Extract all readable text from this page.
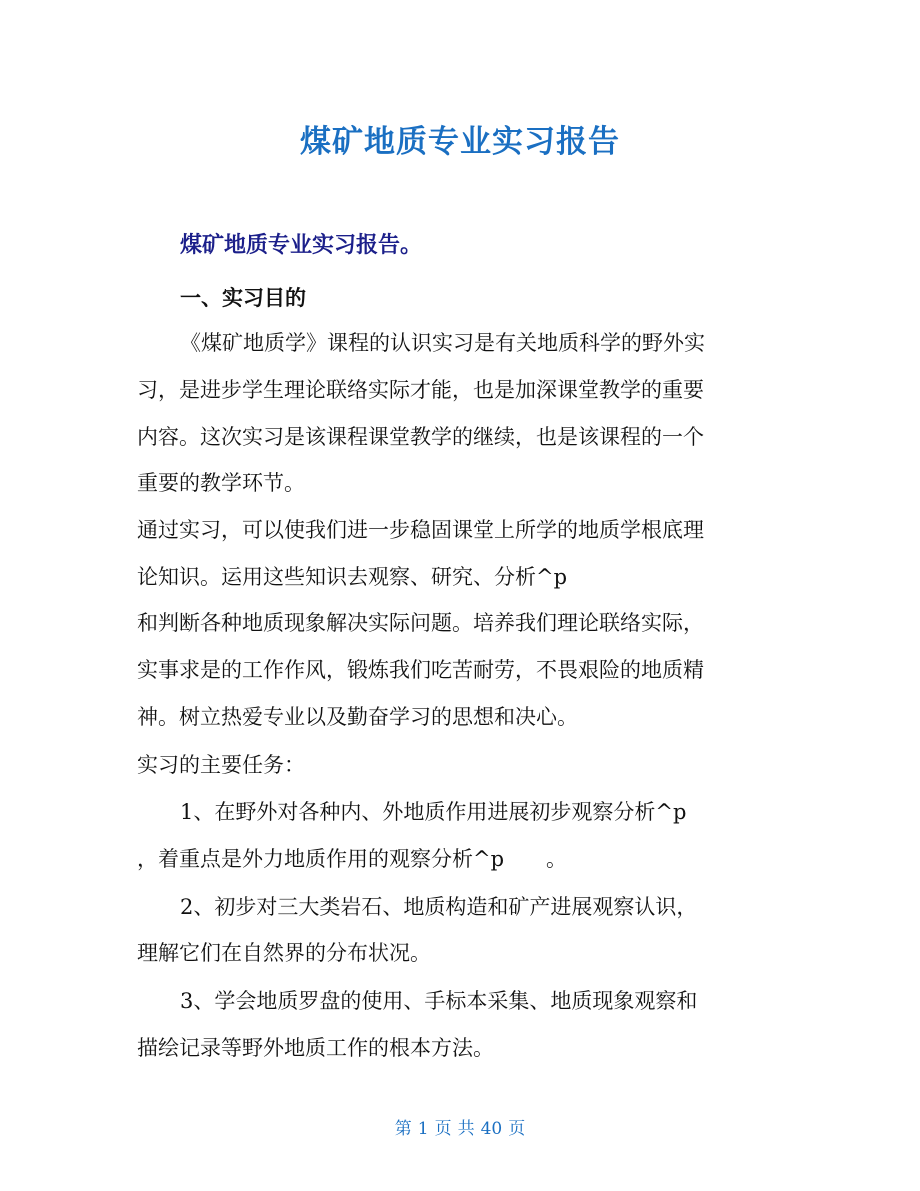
煤矿地质专业实习报告
煤矿地质专业实习报告。
一、实习目的
《煤矿地质学》课程的认识实习是有关地质科学的野外实
习，是进步学生理论联络实际才能，也是加深课堂教学的重要
内容。这次实习是该课程课堂教学的继续，也是该课程的一个
重要的教学环节。
通过实习，可以使我们进一步稳固课堂上所学的地质学根底理
论知识。运用这些知识去观察、研究、分析^p
和判断各种地质现象解决实际问题。培养我们理论联络实际，
实事求是的工作作风，锻炼我们吃苦耐劳，不畏艰险的地质精
神。树立热爱专业以及勤奋学习的思想和决心。
实习的主要任务：
1、在野外对各种内、外地质作用进展初步观察分析^p
，着重点是外力地质作用的观察分析^p　　。
2、初步对三大类岩石、地质构造和矿产进展观察认识，
理解它们在自然界的分布状况。
3、学会地质罗盘的使用、手标本采集、地质现象观察和
描绘记录等野外地质工作的根本方法。
第 1 页 共 40 页
